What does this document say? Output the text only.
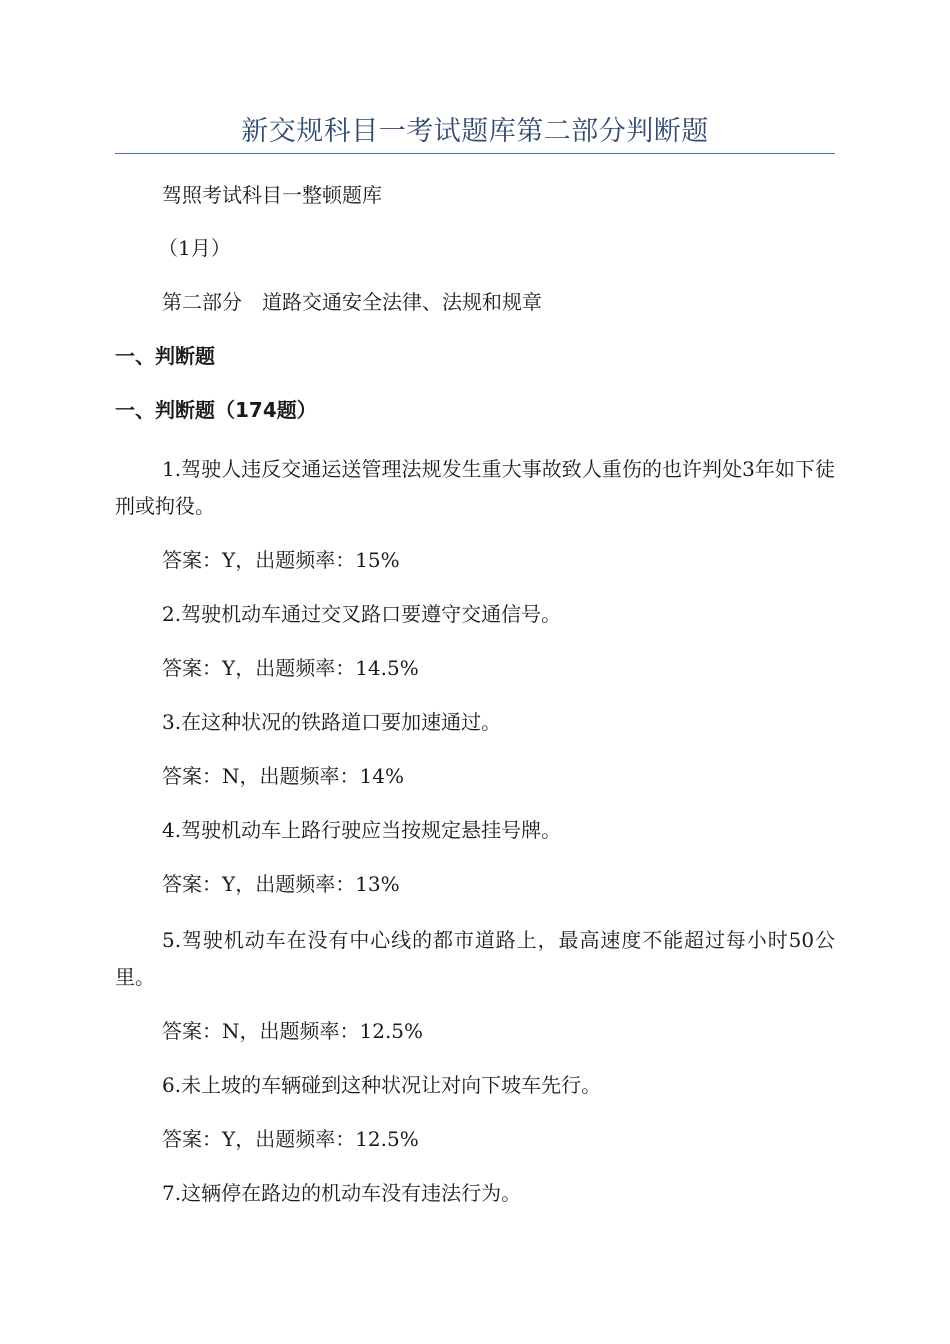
新交规科目一考试题库第二部分判断题
驾照考试科目一整顿题库
（1月）
第二部分　道路交通安全法律、法规和规章
一、判断题
一、判断题（174题）
1.驾驶人违反交通运送管理法规发生重大事故致人重伤的也许判处3年如下徒刑或拘役。
答案：Y，出题频率：15%
2.驾驶机动车通过交叉路口要遵守交通信号。
答案：Y，出题频率：14.5%
3.在这种状况的铁路道口要加速通过。
答案：N，出题频率：14%
4.驾驶机动车上路行驶应当按规定悬挂号牌。
答案：Y，出题频率：13%
5.驾驶机动车在没有中心线的都市道路上，最高速度不能超过每小时50公里。
答案：N，出题频率：12.5%
6.未上坡的车辆碰到这种状况让对向下坡车先行。
答案：Y，出题频率：12.5%
7.这辆停在路边的机动车没有违法行为。
